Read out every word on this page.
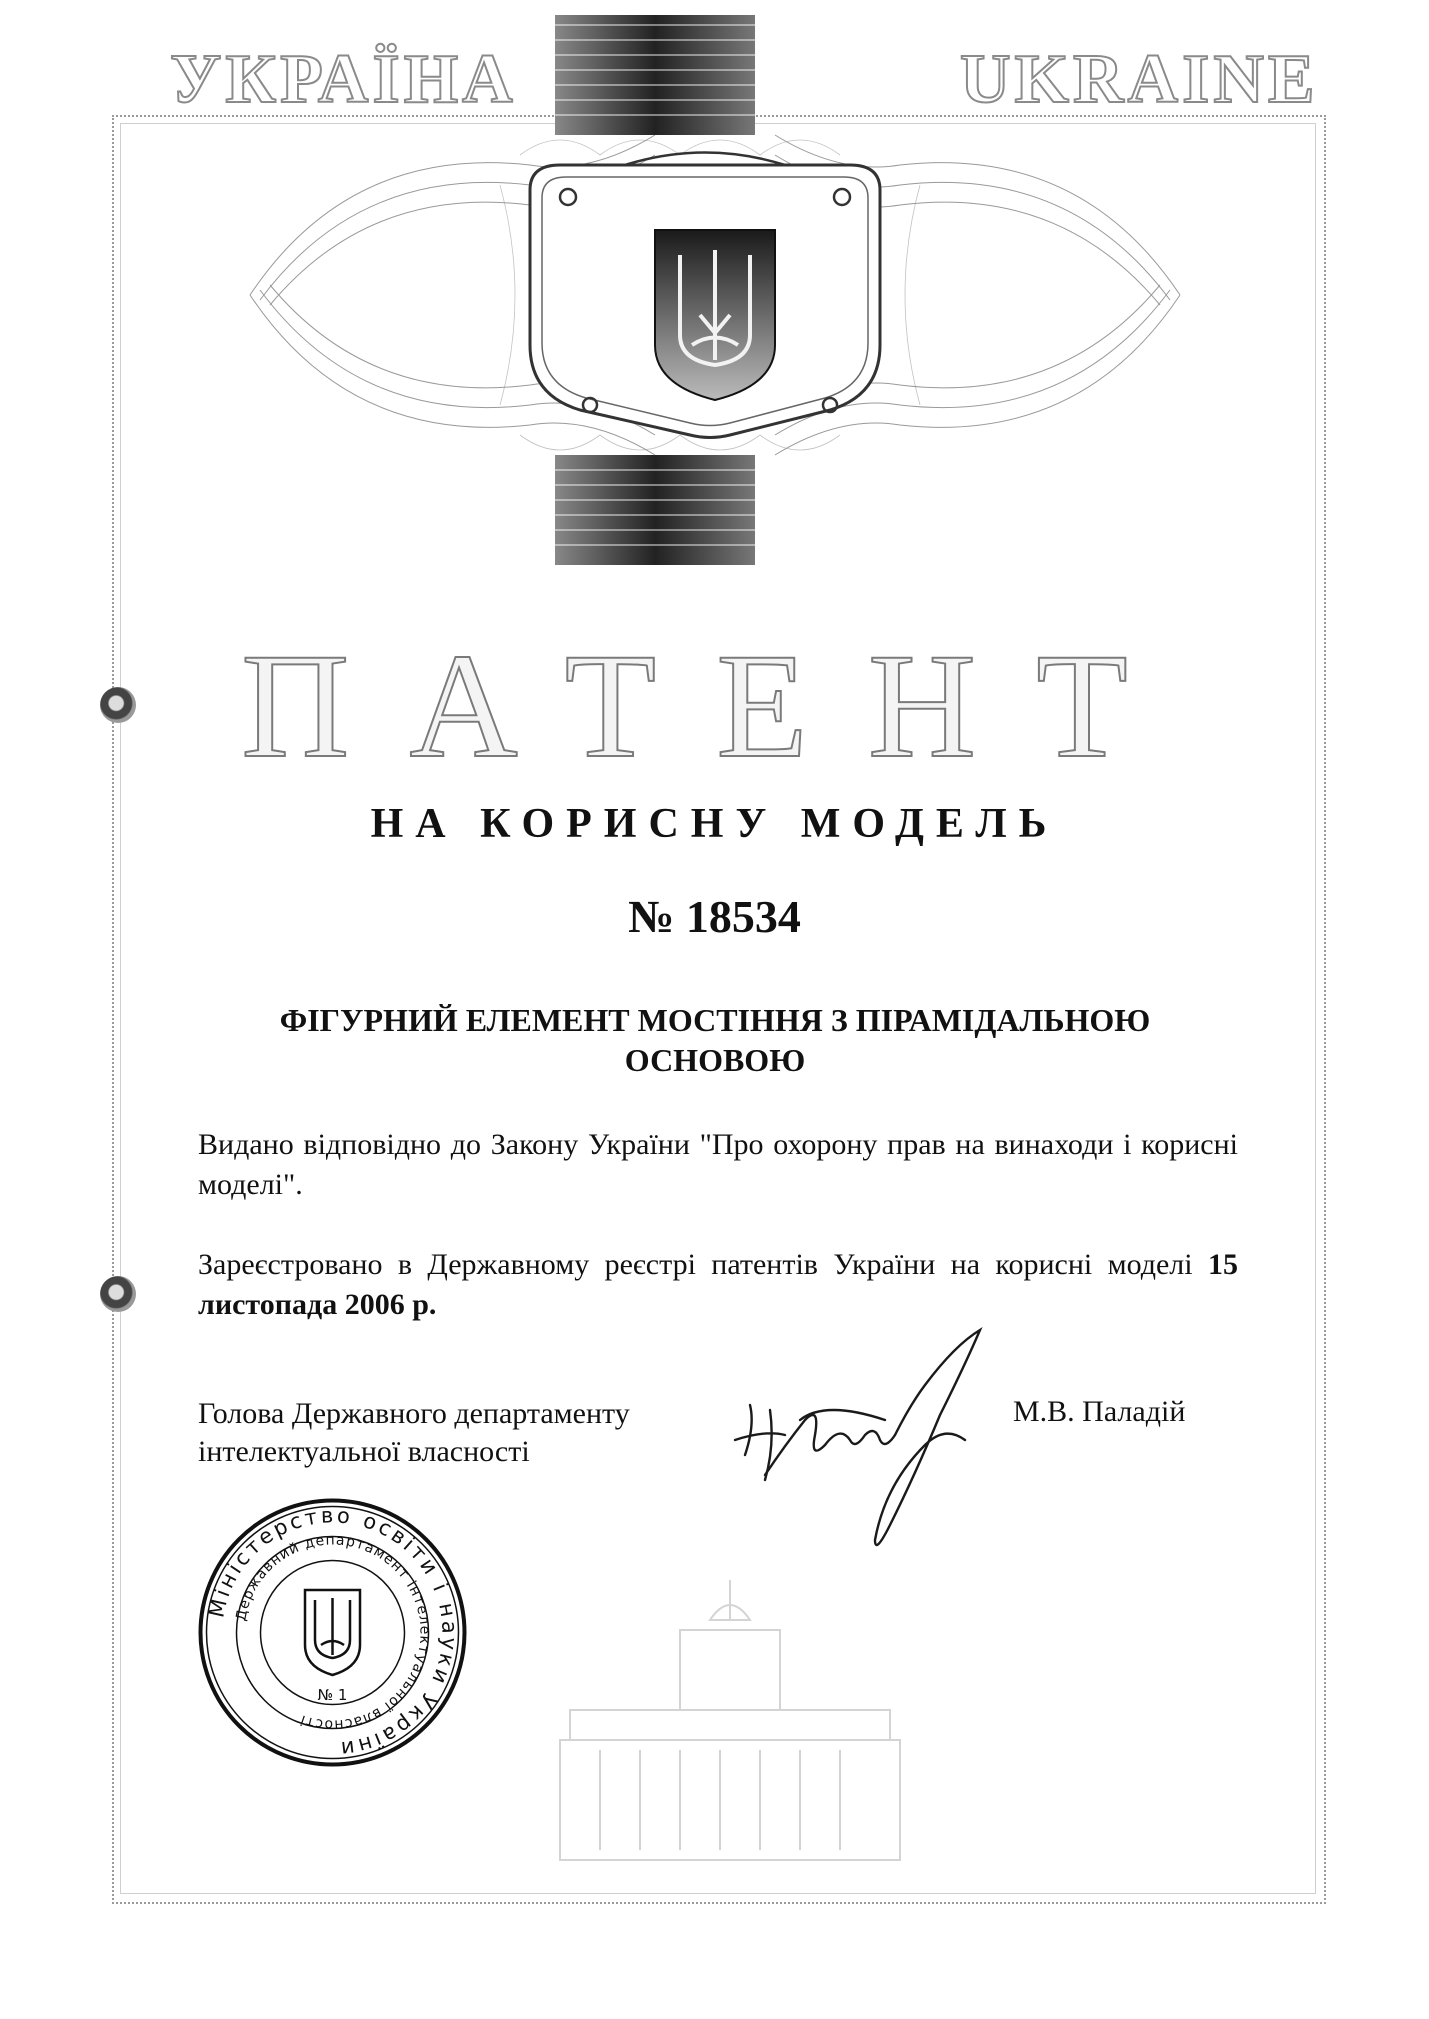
УКРАЇНА	UKRAINE
ПАТЕНТ
НА КОРИСНУ МОДЕЛЬ
№ 18534
ФІГУРНИЙ ЕЛЕМЕНТ МОСТІННЯ З ПІРАМІДАЛЬНОЮ
ОСНОВОЮ
Видано відповідно до Закону України "Про охорону прав на винаходи і корисні моделі".
Зареєстровано в Державному реєстрі патентів України на корисні моделі 15 листопада 2006 р.
Голова Державного департаменту
інтелектуальної власності
М.В. Паладій
Міністерство освіти і науки України
Державний департамент інтелектуальної власності
№ 1
